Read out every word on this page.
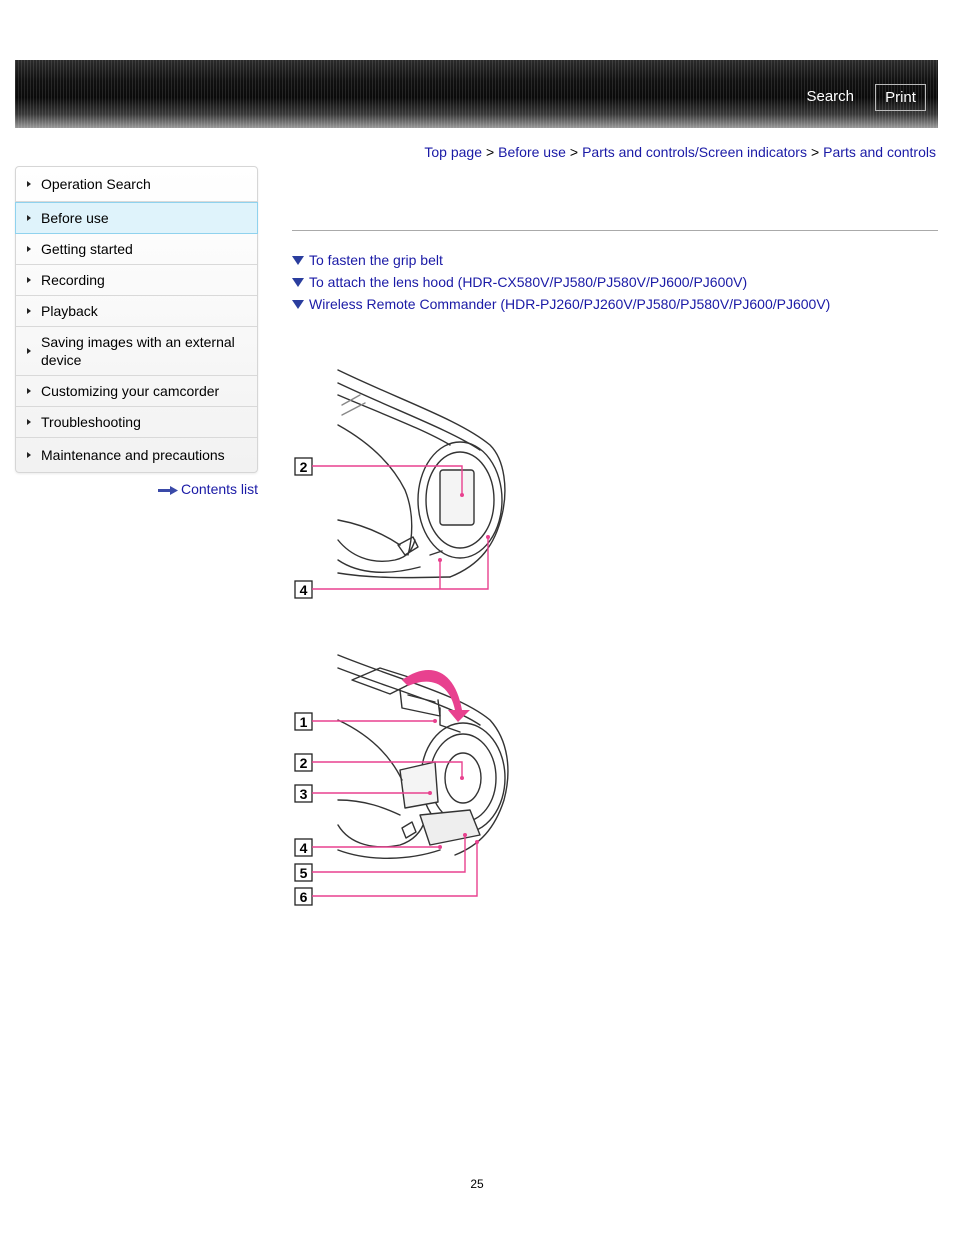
Search	Print
Top page > Before use > Parts and controls/Screen indicators > Parts and controls
Operation Search
Before use
Getting started
Recording
Playback
Saving images with an external device
Customizing your camcorder
Troubleshooting
Maintenance and precautions
Contents list
To fasten the grip belt
To attach the lens hood (HDR-CX580V/PJ580/PJ580V/PJ600/PJ600V)
Wireless Remote Commander (HDR-PJ260/PJ260V/PJ580/PJ580V/PJ600/PJ600V)
2
4
1
2
3
4
5
6
25
